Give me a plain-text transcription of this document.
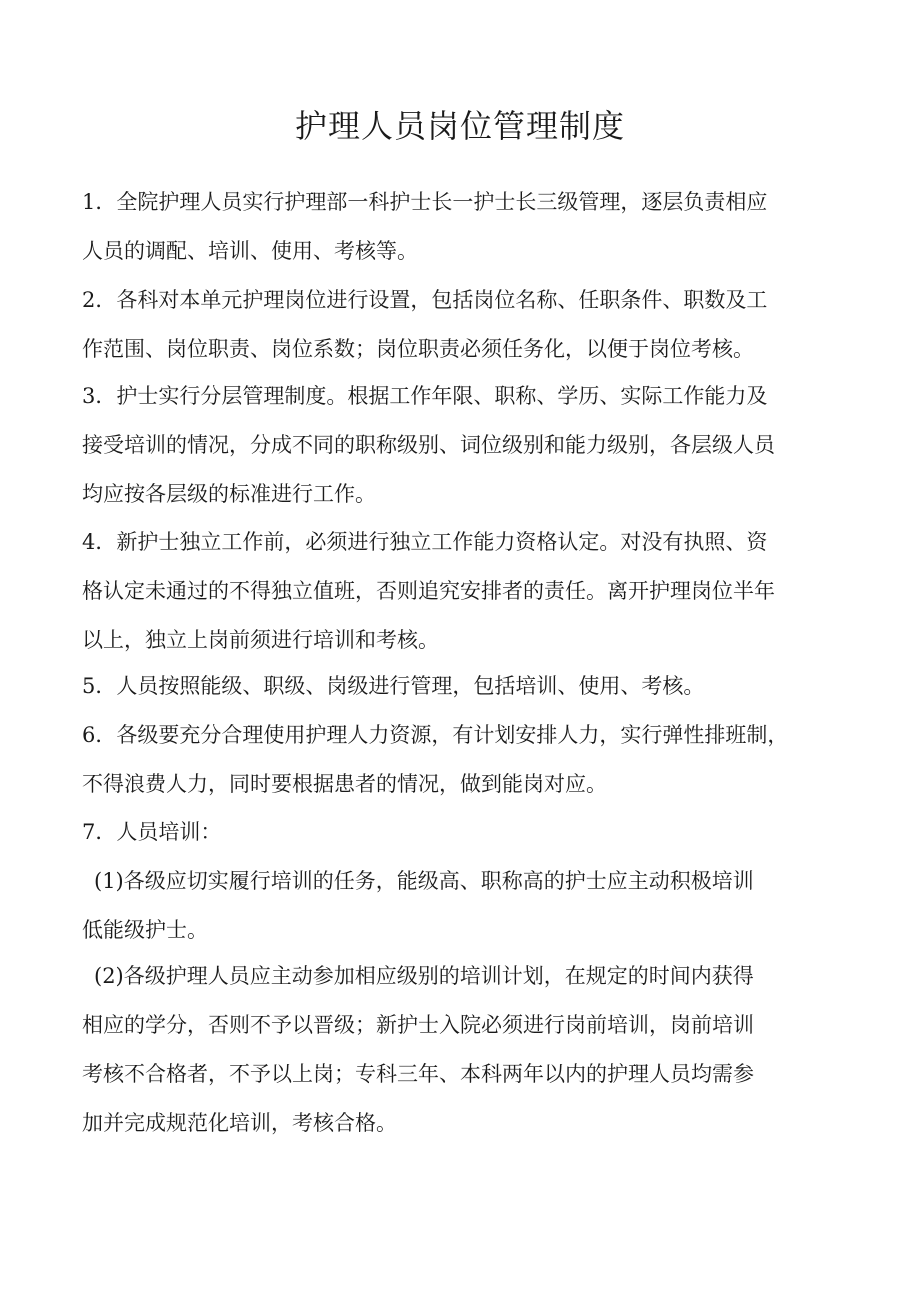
护理人员岗位管理制度
1．全院护理人员实行护理部一科护士长一护士长三级管理，逐层负责相应
人员的调配、培训、使用、考核等。
2．各科对本单元护理岗位进行设置，包括岗位名称、任职条件、职数及工
作范围、岗位职责、岗位系数；岗位职责必须任务化，以便于岗位考核。
3．护士实行分层管理制度。根据工作年限、职称、学历、实际工作能力及
接受培训的情况，分成不同的职称级别、词位级别和能力级别，各层级人员
均应按各层级的标准进行工作。
4．新护士独立工作前，必须进行独立工作能力资格认定。对没有执照、资
格认定未通过的不得独立值班，否则追究安排者的责任。离开护理岗位半年
以上，独立上岗前须进行培训和考核。
5．人员按照能级、职级、岗级进行管理，包括培训、使用、考核。
6．各级要充分合理使用护理人力资源，有计划安排人力，实行弹性排班制，
不得浪费人力，同时要根据患者的情况，做到能岗对应。
7．人员培训：
(1)各级应切实履行培训的任务，能级高、职称高的护士应主动积极培训
低能级护士。
(2)各级护理人员应主动参加相应级别的培训计划，在规定的时间内获得
相应的学分，否则不予以晋级；新护士入院必须进行岗前培训，岗前培训
考核不合格者，不予以上岗；专科三年、本科两年以内的护理人员均需参
加并完成规范化培训，考核合格。
